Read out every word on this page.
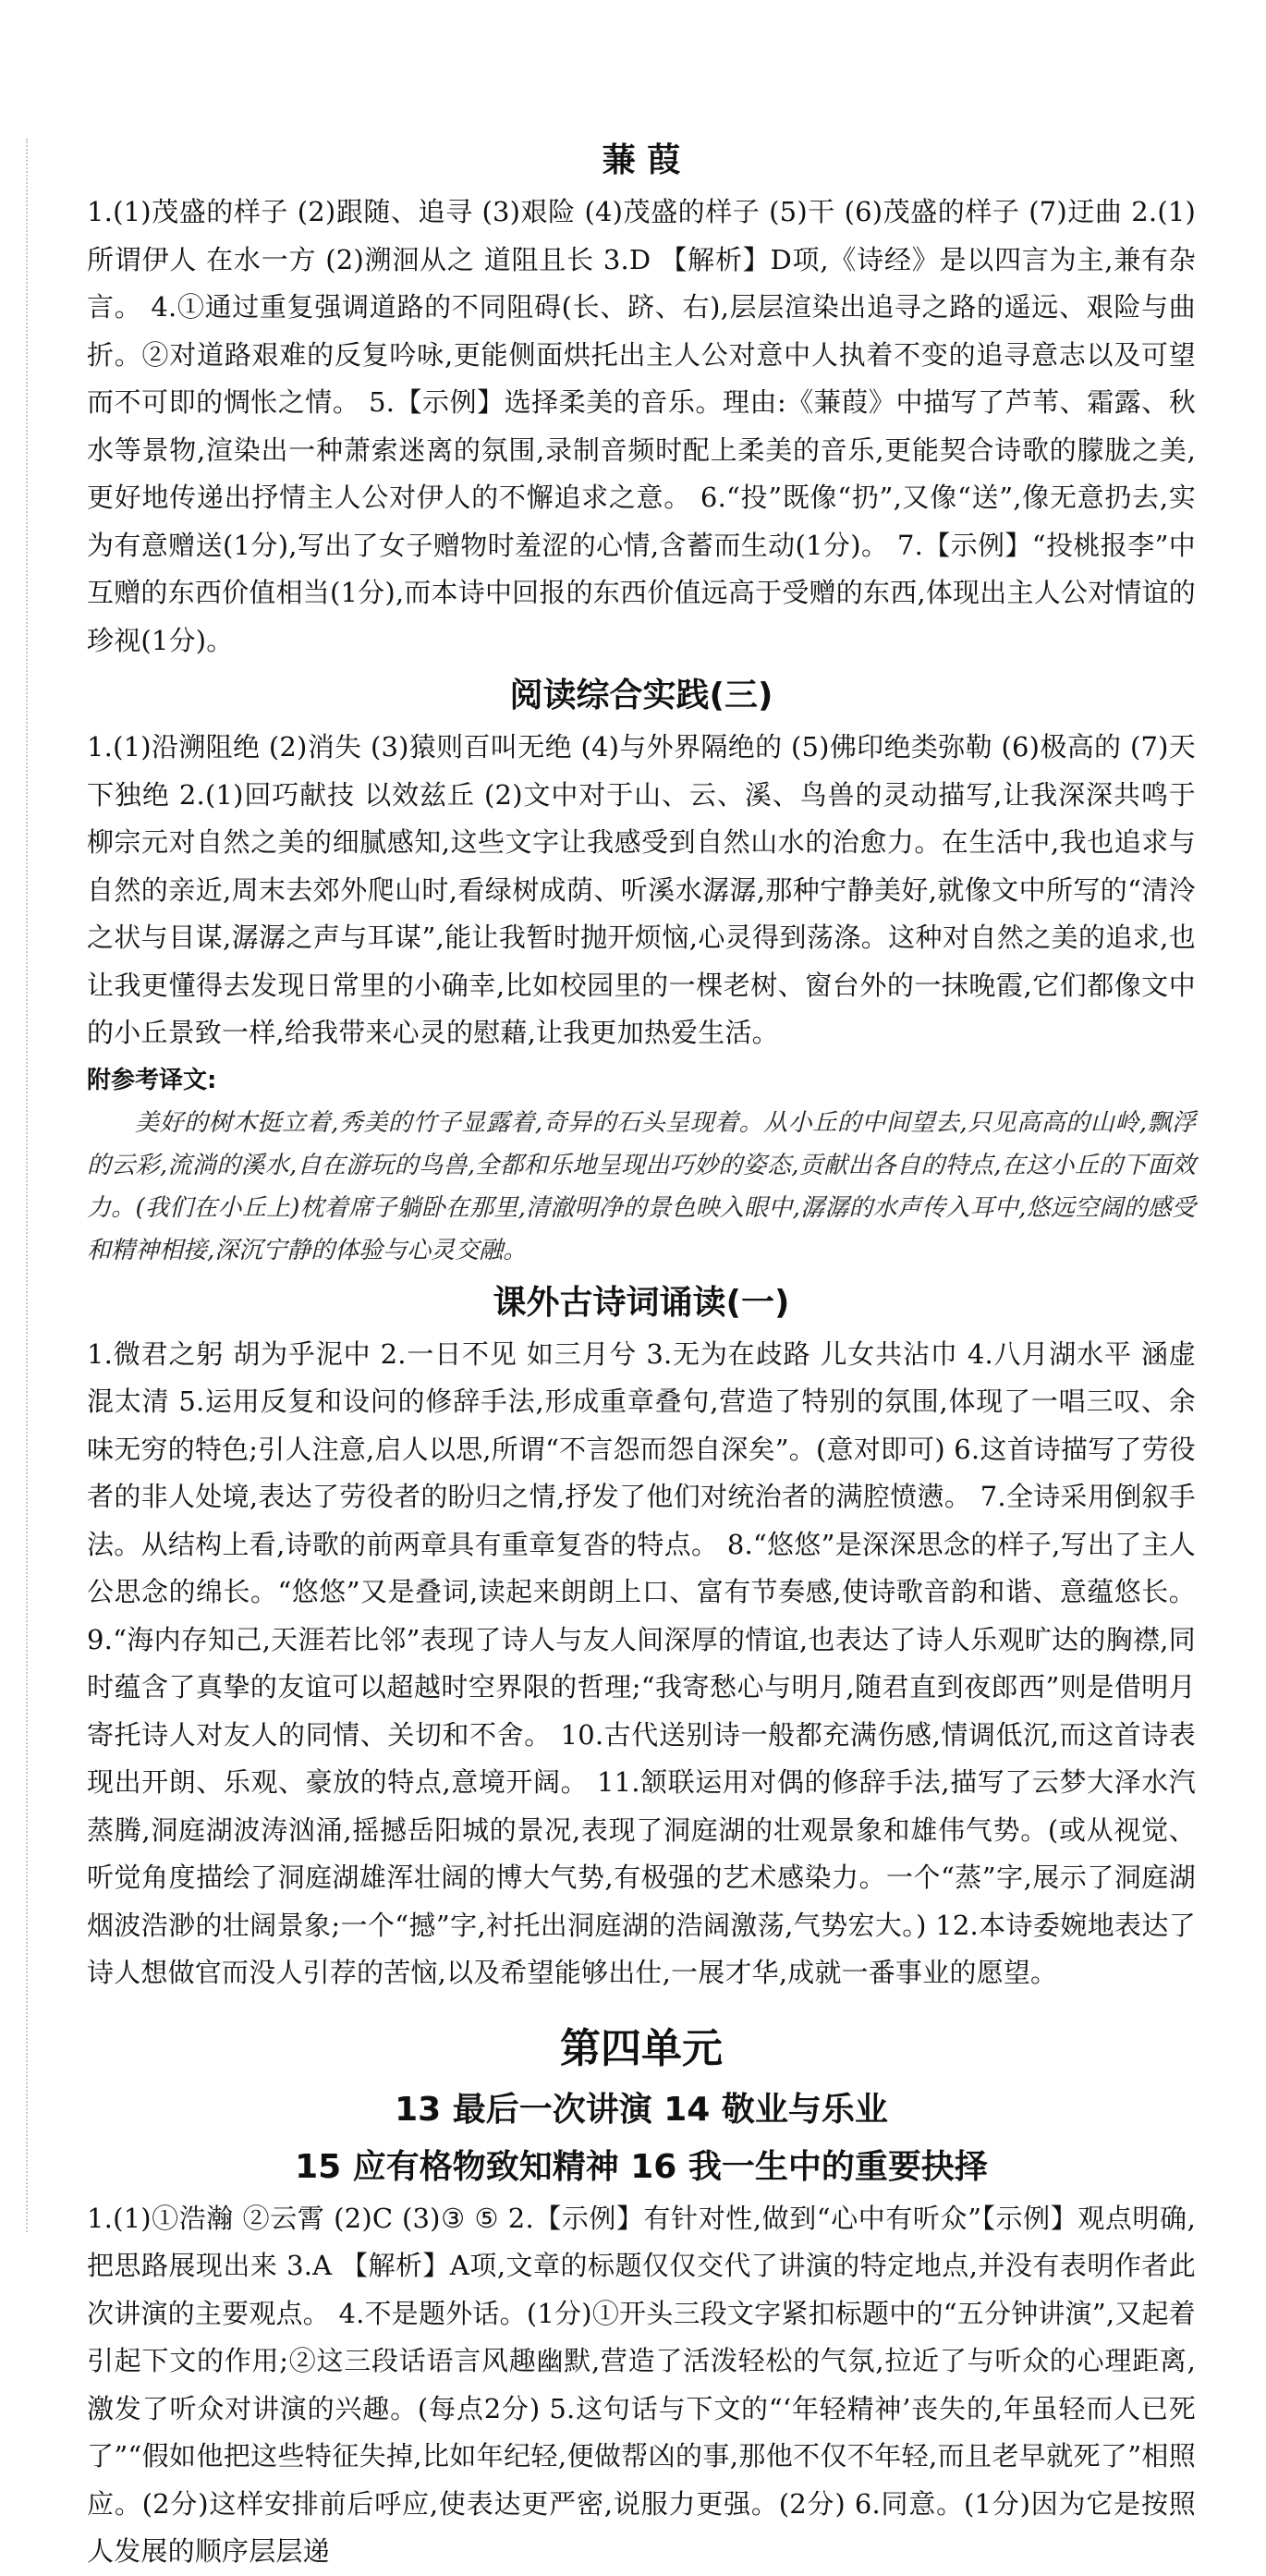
蒹 葭

1.(1)茂盛的样子 (2)跟随、追寻 (3)艰险 (4)茂盛的样子 (5)干 (6)茂盛的样子 (7)迂曲 2.(1)所谓伊人 在水一方 (2)溯洄从之 道阻且长 3.D 【解析】D项,《诗经》是以四言为主,兼有杂言。 4.①通过重复强调道路的不同阻碍(长、跻、右),层层渲染出追寻之路的遥远、艰险与曲折。②对道路艰难的反复吟咏,更能侧面烘托出主人公对意中人执着不变的追寻意志以及可望而不可即的惆怅之情。 5.【示例】选择柔美的音乐。理由:《蒹葭》中描写了芦苇、霜露、秋水等景物,渲染出一种萧索迷离的氛围,录制音频时配上柔美的音乐,更能契合诗歌的朦胧之美,更好地传递出抒情主人公对伊人的不懈追求之意。 6.“投”既像“扔”,又像“送”,像无意扔去,实为有意赠送(1分),写出了女子赠物时羞涩的心情,含蓄而生动(1分)。 7.【示例】“投桃报李”中互赠的东西价值相当(1分),而本诗中回报的东西价值远高于受赠的东西,体现出主人公对情谊的珍视(1分)。

阅读综合实践(三)

1.(1)沿溯阻绝 (2)消失 (3)猿则百叫无绝 (4)与外界隔绝的 (5)佛印绝类弥勒 (6)极高的 (7)天下独绝 2.(1)回巧献技 以效兹丘 (2)文中对于山、云、溪、鸟兽的灵动描写,让我深深共鸣于柳宗元对自然之美的细腻感知,这些文字让我感受到自然山水的治愈力。在生活中,我也追求与自然的亲近,周末去郊外爬山时,看绿树成荫、听溪水潺潺,那种宁静美好,就像文中所写的“清泠之状与目谋,潺潺之声与耳谋”,能让我暂时抛开烦恼,心灵得到荡涤。这种对自然之美的追求,也让我更懂得去发现日常里的小确幸,比如校园里的一棵老树、窗台外的一抹晚霞,它们都像文中的小丘景致一样,给我带来心灵的慰藉,让我更加热爱生活。

附参考译文:

美好的树木挺立着,秀美的竹子显露着,奇异的石头呈现着。从小丘的中间望去,只见高高的山岭,飘浮的云彩,流淌的溪水,自在游玩的鸟兽,全都和乐地呈现出巧妙的姿态,贡献出各自的特点,在这小丘的下面效力。(我们在小丘上)枕着席子躺卧在那里,清澈明净的景色映入眼中,潺潺的水声传入耳中,悠远空阔的感受和精神相接,深沉宁静的体验与心灵交融。

课外古诗词诵读(一)

1.微君之躬 胡为乎泥中 2.一日不见 如三月兮 3.无为在歧路 儿女共沾巾 4.八月湖水平 涵虚混太清 5.运用反复和设问的修辞手法,形成重章叠句,营造了特别的氛围,体现了一唱三叹、余味无穷的特色;引人注意,启人以思,所谓“不言怨而怨自深矣”。(意对即可) 6.这首诗描写了劳役者的非人处境,表达了劳役者的盼归之情,抒发了他们对统治者的满腔愤懑。 7.全诗采用倒叙手法。从结构上看,诗歌的前两章具有重章复沓的特点。 8.“悠悠”是深深思念的样子,写出了主人公思念的绵长。“悠悠”又是叠词,读起来朗朗上口、富有节奏感,使诗歌音韵和谐、意蕴悠长。 9.“海内存知己,天涯若比邻”表现了诗人与友人间深厚的情谊,也表达了诗人乐观旷达的胸襟,同时蕴含了真挚的友谊可以超越时空界限的哲理;“我寄愁心与明月,随君直到夜郎西”则是借明月寄托诗人对友人的同情、关切和不舍。 10.古代送别诗一般都充满伤感,情调低沉,而这首诗表现出开朗、乐观、豪放的特点,意境开阔。 11.颔联运用对偶的修辞手法,描写了云梦大泽水汽蒸腾,洞庭湖波涛汹涌,摇撼岳阳城的景况,表现了洞庭湖的壮观景象和雄伟气势。(或从视觉、听觉角度描绘了洞庭湖雄浑壮阔的博大气势,有极强的艺术感染力。一个“蒸”字,展示了洞庭湖烟波浩渺的壮阔景象;一个“撼”字,衬托出洞庭湖的浩阔激荡,气势宏大。) 12.本诗委婉地表达了诗人想做官而没人引荐的苦恼,以及希望能够出仕,一展才华,成就一番事业的愿望。

第四单元
13 最后一次讲演 14 敬业与乐业
15 应有格物致知精神 16 我一生中的重要抉择

1.(1)①浩瀚 ②云霄 (2)C (3)③ ⑤ 2.【示例】有针对性,做到“心中有听众”【示例】观点明确,把思路展现出来 3.A 【解析】A项,文章的标题仅仅交代了讲演的特定地点,并没有表明作者此次讲演的主要观点。 4.不是题外话。(1分)①开头三段文字紧扣标题中的“五分钟讲演”,又起着引起下文的作用;②这三段话语言风趣幽默,营造了活泼轻松的气氛,拉近了与听众的心理距离,激发了听众对讲演的兴趣。(每点2分) 5.这句话与下文的“‘年轻精神’丧失的,年虽轻而人已死了”“假如他把这些特征失掉,比如年纪轻,便做帮凶的事,那他不仅不年轻,而且老早就死了”相照应。(2分)这样安排前后呼应,使表达更严密,说服力更强。(2分) 6.同意。(1分)因为它是按照人发展的顺序层层递
